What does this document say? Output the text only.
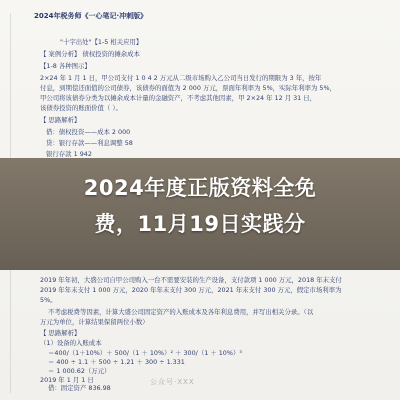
2024年税务师《一心笔记·冲刺版》
"十字出处"【1-5 相关应用】
【 案例分析】 债权投资的摊余成本
【1-8 各种图示】
2×24 年 1 月 1 日，甲公司支付 1 0 4 2 万元从二级市场购入乙公司当日发行的期限为 3 年，按年
付息，到期偿还面值的公司债券，该债券的面值为 2 000 万元，票面年利率为 5%，实际年利率为 5%，
甲公司将该债券分类为以摊余成本计量的金融资产，不考虑其他因素，甲 2×24 年 12 月 31 日，
该债券投资的账面价值（ ）。
【 思路解析】
借：债权投资——成本 2 000
贷：银行存款——利息调整 58
银行存款 1 942
2024年度正版资料全免
费，11月19日实践分
2019 年年初，大盛公司自甲公司购入一台不需要安装的生产设备，支付款项 1 000 万元，2018 年末支付
2019 年年末支付 1 000 万元，2020 年年末支付 300 万元，2021 年末支付 300 万元，假定市场利率为
5%。
不考虑税费等因素，计算大盛公司固定资产的入账成本及各年利息费用，并写出相关分录。（以
万元为单位，计算结果保留两位小数）
【 思路解析】
（1）设备的入账成本
＝400/（1＋10%）＋ 500/（1 ＋ 10%）² ＋ 300/（1 ＋ 10%）³
＝ 400 ÷ 1.1 ＋ 500 ÷ 1.21 ＋ 300 ÷ 1.331
＝ 1 000.62（万元）
2019 年 1 月 1 日
借：固定资产 836.98
公众号·XXX
